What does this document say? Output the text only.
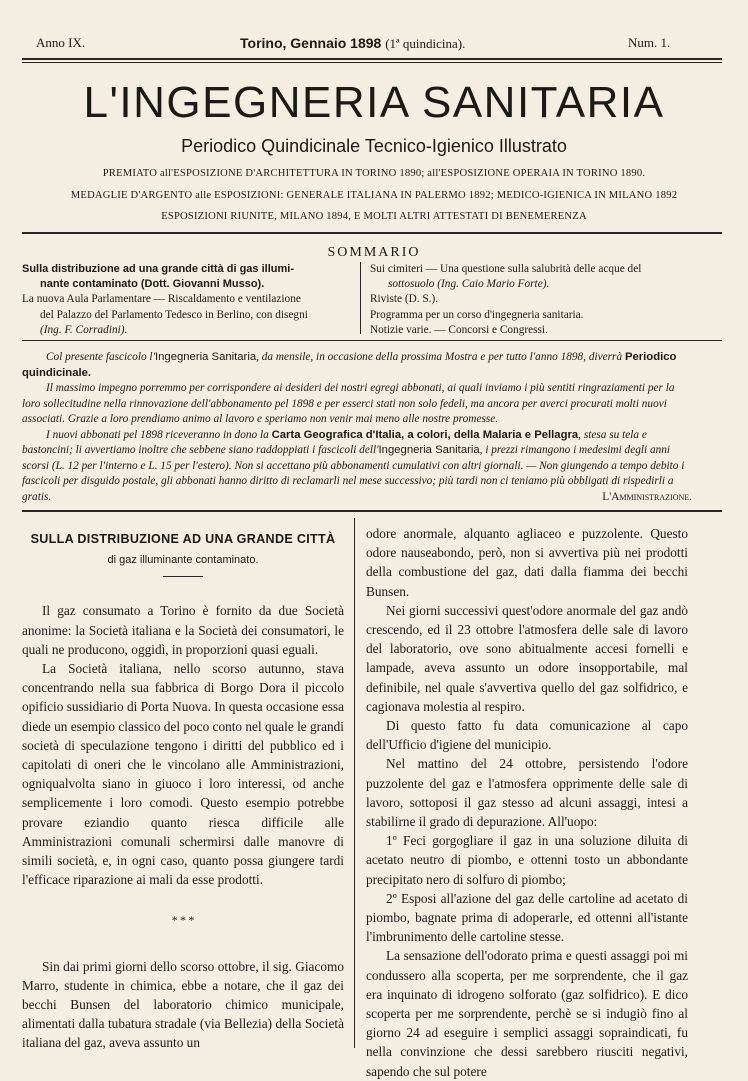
Anno IX.	Torino, Gennaio 1898 (1ª quindicina).	Num. 1.
L'INGEGNERIA SANITARIA
Periodico Quindicinale Tecnico-Igienico Illustrato
PREMIATO all'ESPOSIZIONE D'ARCHITETTURA IN TORINO 1890; all'ESPOSIZIONE OPERAIA IN TORINO 1890.
MEDAGLIE D'ARGENTO alle ESPOSIZIONI: GENERALE ITALIANA IN PALERMO 1892; MEDICO-IGIENICA IN MILANO 1892
ESPOSIZIONI RIUNITE, MILANO 1894, E MOLTI ALTRI ATTESTATI DI BENEMERENZA
SOMMARIO
Sulla distribuzione ad una grande città di gas illumi-
nante contaminato (Dott. Giovanni Musso).
La nuova Aula Parlamentare — Riscaldamento e ventilazione
del Palazzo del Parlamento Tedesco in Berlino, con disegni
(Ing. F. Corradini).
Sui cimiteri — Una questione sulla salubrità delle acque del
sottosuolo (Ing. Caio Mario Forte).
Riviste (D. S.).
Programma per un corso d'ingegneria sanitaria.
Notizie varie. — Concorsi e Congressi.

Col presente fascicolo l'Ingegneria Sanitaria, da mensile, in occasione della prossima Mostra e per tutto l'anno 1898, diverrà Periodico quindicinale.

Il massimo impegno porremmo per corrispondere ai desideri dei nostri egregi abbonati, ai quali inviamo i più sentiti ringraziamenti per la loro sollecitudine nella rinnovazione dell'abbonamento pel 1898 e per esserci stati non solo fedeli, ma ancora per averci procurati molti nuovi associati. Grazie a loro prendiamo animo al lavoro e speriamo non venir mai meno alle nostre promesse.

I nuovi abbonati pel 1898 riceveranno in dono la Carta Geografica d'Italia, a colori, della Malaria e Pellagra, stesa su tela e bastoncini; li avvertiamo inoltre che sebbene siano raddoppiati i fascicoli dell'Ingegneria Sanitaria, i prezzi rimangono i medesimi degli anni scorsi (L. 12 per l'interno e L. 15 per l'estero). Non si accettano più abbonamenti cumulativi con altri giornali. — Non giungendo a tempo debito i fascicoli per disguido postale, gli abbonati hanno diritto di reclamarli nel mese successivo; più tardi non ci teniamo più obbligati di rispedirli a gratis.	L'Amministrazione.

SULLA DISTRIBUZIONE AD UNA GRANDE CITTÀ
di gaz illuminante contaminato.

Il gaz consumato a Torino è fornito da due Società anonime: la Società italiana e la Società dei consumatori, le quali ne producono, oggidì, in proporzioni quasi eguali.

La Società italiana, nello scorso autunno, stava concentrando nella sua fabbrica di Borgo Dora il piccolo opificio sussidiario di Porta Nuova. In questa occasione essa diede un esempio classico del poco conto nel quale le grandi società di speculazione tengono i diritti del pubblico ed i capitolati di oneri che le vincolano alle Amministrazioni, ogniqualvolta siano in giuoco i loro interessi, od anche semplicemente i loro comodi. Questo esempio potrebbe provare eziandio quanto riesca difficile alle Amministrazioni comunali schermirsi dalle manovre di simili società, e, in ogni caso, quanto possa giungere tardi l'efficace riparazione ai mali da esse prodotti.

* * *

Sin dai primi giorni dello scorso ottobre, il sig. Giacomo Marro, studente in chimica, ebbe a notare, che il gaz dei becchi Bunsen del laboratorio chimico municipale, alimentati dalla tubatura stradale (via Bellezia) della Società italiana del gaz, aveva assunto un

odore anormale, alquanto agliaceo e puzzolente. Questo odore nauseabondo, però, non si avvertiva più nei prodotti della combustione del gaz, dati dalla fiamma dei becchi Bunsen.

Nei giorni successivi quest'odore anormale del gaz andò crescendo, ed il 23 ottobre l'atmosfera delle sale di lavoro del laboratorio, ove sono abitualmente accesi fornelli e lampade, aveva assunto un odore insopportabile, mal definibile, nel quale s'avvertiva quello del gaz solfidrico, e cagionava molestia al respiro.

Di questo fatto fu data comunicazione al capo dell'Ufficio d'igiene del municipio.

Nel mattino del 24 ottobre, persistendo l'odore puzzolente del gaz e l'atmosfera opprimente delle sale di lavoro, sottoposi il gaz stesso ad alcuni assaggi, intesi a stabilirne il grado di depurazione. All'uopo:

1º Feci gorgogliare il gaz in una soluzione diluita di acetato neutro di piombo, e ottenni tosto un abbondante precipitato nero di solfuro di piombo;

2º Esposi all'azione del gaz delle cartoline ad acetato di piombo, bagnate prima di adoperarle, ed ottenni all'istante l'imbrunimento delle cartoline stesse.

La sensazione dell'odorato prima e questi assaggi poi mi condussero alla scoperta, per me sorprendente, che il gaz era inquinato di idrogeno solforato (gaz solfidrico). E dico scoperta per me sorprendente, perchè se si indugiò fino al giorno 24 ad eseguire i semplici assaggi sopraindicati, fu nella convinzione che dessi sarebbero riusciti negativi, sapendo che sul potere
